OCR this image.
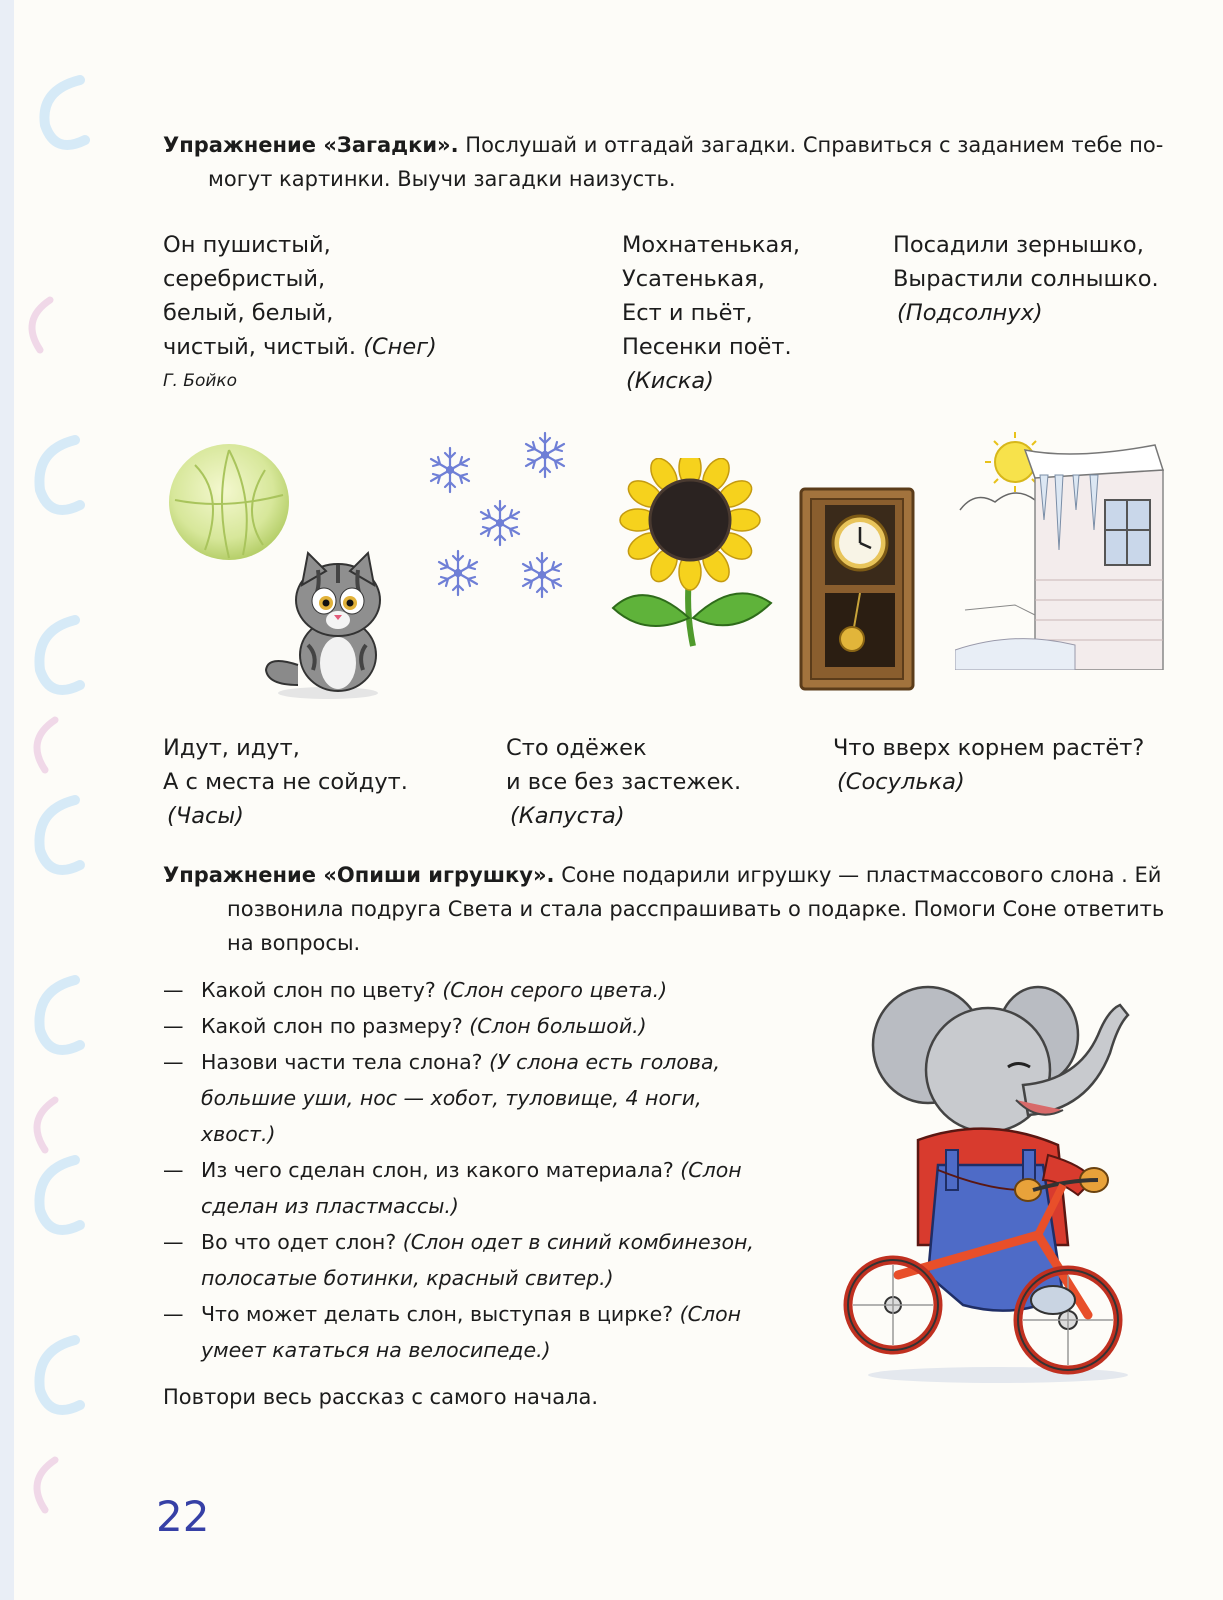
Упражнение «Загадки». Послушай и отгадай загадки. Справиться с заданием тебе по-
могут картинки. Выучи загадки наизусть.
Он пушистый,
серебристый,
белый, белый,
чистый, чистый. (Снег)
Г. Бойко
Мохнатенькая,
Усатенькая,
Ест и пьёт,
Песенки поёт.
(Киска)
Посадили зернышко,
Вырастили солнышко.
(Подсолнух)
Идут, идут,
А с места не сойдут.
(Часы)
Сто одёжек
и все без застежек.
(Капуста)
Что вверх корнем растёт?
(Сосулька)
Упражнение «Опиши игрушку». Соне подарили игрушку — пластмассового слона . Ей
позвонила подруга Света и стала расспрашивать о подарке. Помоги Соне ответить
на вопросы.
— Какой слон по цвету? (Слон серого цвета.)
— Какой слон по размеру? (Слон большой.)
— Назови части тела слона? (У слона есть голова,
большие уши, нос — хобот, туловище, 4 ноги,
хвост.)
— Из чего сделан слон, из какого материала? (Слон
сделан из пластмассы.)
— Во что одет слон? (Слон одет в синий комбинезон,
полосатые ботинки, красный свитер.)
— Что может делать слон, выступая в цирке? (Слон
умеет кататься на велосипеде.)
Повтори весь рассказ с самого начала.
22
